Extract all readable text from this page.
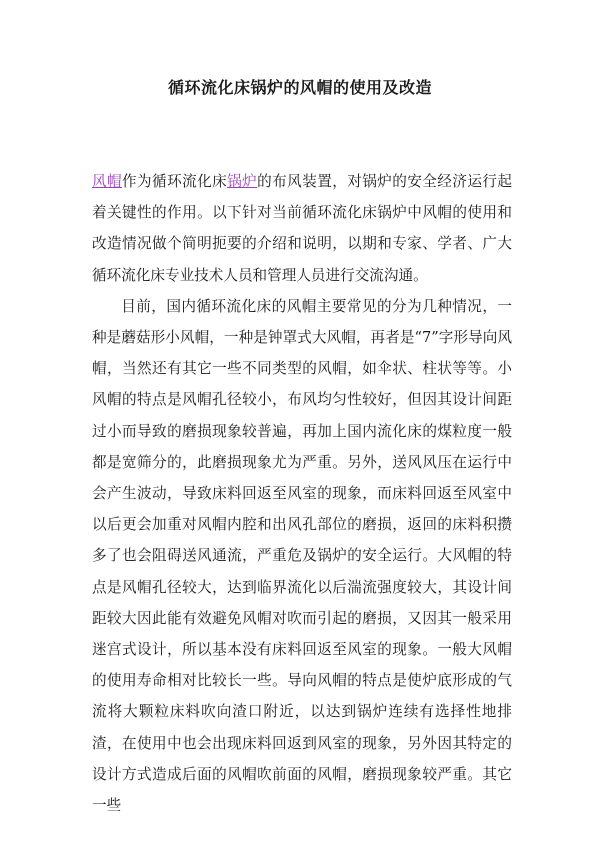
循环流化床锅炉的风帽的使用及改造

风帽作为循环流化床锅炉的布风装置，对锅炉的安全经济运行起着关键性的作用。以下针对当前循环流化床锅炉中风帽的使用和改造情况做个简明扼要的介绍和说明，以期和专家、学者、广大循环流化床专业技术人员和管理人员进行交流沟通。

目前，国内循环流化床的风帽主要常见的分为几种情况，一种是蘑菇形小风帽，一种是钟罩式大风帽，再者是“7”字形导向风帽，当然还有其它一些不同类型的风帽，如伞状、柱状等等。小风帽的特点是风帽孔径较小，布风均匀性较好，但因其设计间距过小而导致的磨损现象较普遍，再加上国内流化床的煤粒度一般都是宽筛分的，此磨损现象尤为严重。另外，送风风压在运行中会产生波动，导致床料回返至风室的现象，而床料回返至风室中以后更会加重对风帽内腔和出风孔部位的磨损，返回的床料积攒多了也会阻碍送风通流，严重危及锅炉的安全运行。大风帽的特点是风帽孔径较大，达到临界流化以后湍流强度较大，其设计间距较大因此能有效避免风帽对吹而引起的磨损，又因其一般采用迷宫式设计，所以基本没有床料回返至风室的现象。一般大风帽的使用寿命相对比较长一些。导向风帽的特点是使炉底形成的气流将大颗粒床料吹向渣口附近，以达到锅炉连续有选择性地排渣，在使用中也会出现床料回返到风室的现象，另外因其特定的设计方式造成后面的风帽吹前面的风帽，磨损现象较严重。其它一些
